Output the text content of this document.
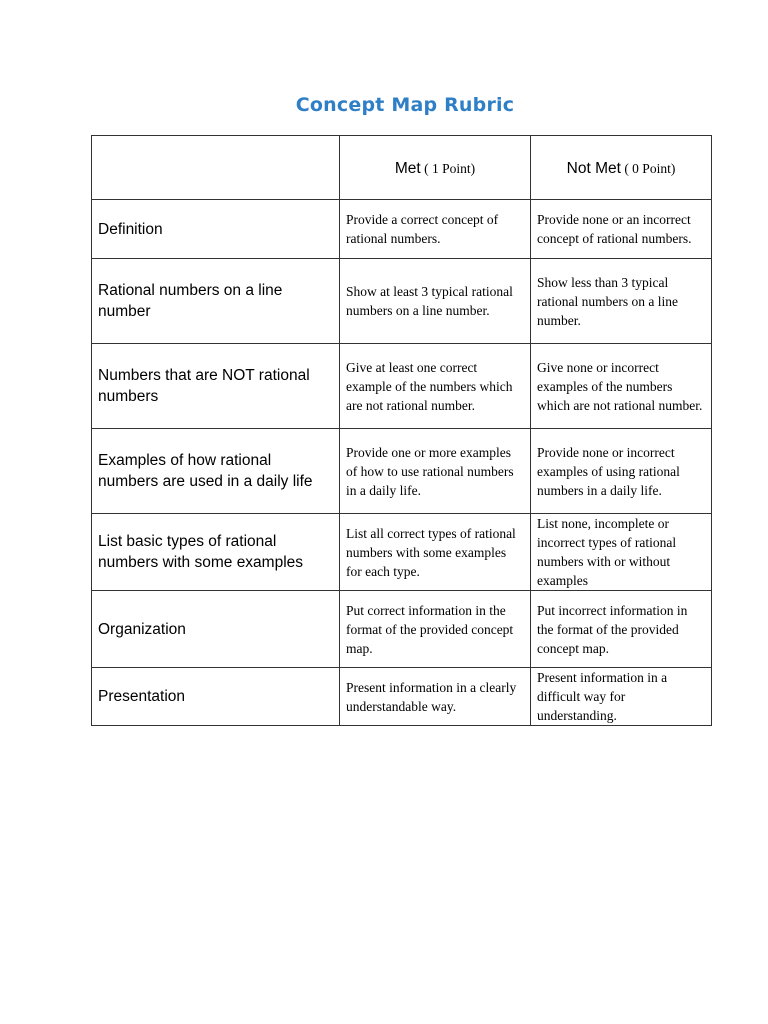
Concept Map Rubric
	Met ( 1 Point)	Not Met ( 0 Point)
Definition	Provide a correct concept of rational numbers.	Provide none or an incorrect concept of rational numbers.
Rational numbers on a line number	Show at least 3 typical rational numbers on a line number.	Show less than 3 typical rational numbers on a line number.
Numbers that are NOT rational numbers	Give at least one correct example of the numbers which are not rational number.	Give none or incorrect examples of the numbers which are not rational number.
Examples of how rational numbers are used in a daily life	Provide one or more examples of how to use rational numbers in a daily life.	Provide none or incorrect examples of using rational numbers in a daily life.
List basic types of rational numbers with some examples	List all correct types of rational numbers with some examples for each type.	List none, incomplete or incorrect types of rational numbers with or without examples
Organization	Put correct information in the format of the provided concept map.	Put incorrect information in the format of the provided concept map.
Presentation	Present information in a clearly understandable way.	Present information in a difficult way for understanding.
